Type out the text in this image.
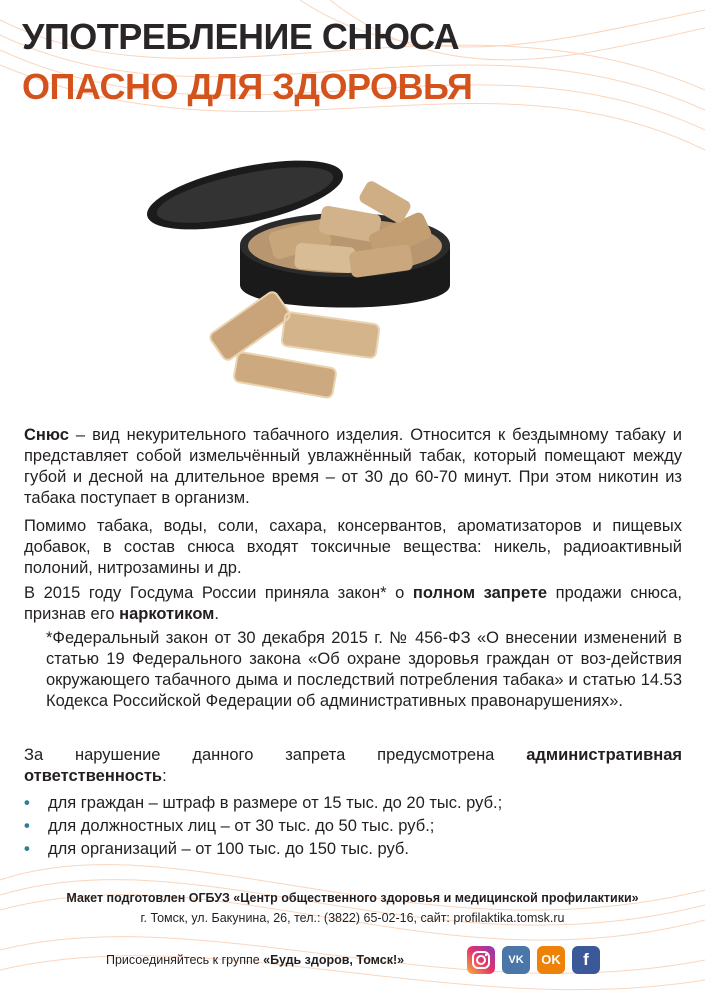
УПОТРЕБЛЕНИЕ СНЮСА
ОПАСНО ДЛЯ ЗДОРОВЬЯ

Снюс – вид некурительного табачного изделия. Относится к бездымному табаку и представляет собой измельчённый увлажнённый табак, который помещают между губой и десной на длительное время – от 30 до 60-70 минут. При этом никотин из табака поступает в организм.

Помимо табака, воды, соли, сахара, консервантов, ароматизаторов и пищевых добавок, в состав снюса входят токсичные вещества: никель, радиоактивный полоний, нитрозамины и др.

В 2015 году Госдума России приняла закон* о полном запрете продажи снюса, признав его наркотиком.

*Федеральный закон от 30 декабря 2015 г. № 456-ФЗ «О внесении изменений в статью 19 Федерального закона «Об охране здоровья граждан от воз-действия окружающего табачного дыма и последствий потребления табака» и статью 14.53 Кодекса Российской Федерации об административных правонарушениях».

За нарушение данного запрета предусмотрена административная ответственность:

• для граждан – штраф в размере от 15 тыс. до 20 тыс. руб.;
• для должностных лиц – от 30 тыс. до 50 тыс. руб.;
• для организаций – от 100 тыс. до 150 тыс. руб.
Макет подготовлен ОГБУЗ «Центр общественного здоровья и медицинской профилактики»
г. Томск, ул. Бакунина, 26, тел.: (3822) 65-02-16, сайт: profilaktika.tomsk.ru
Присоединяйтесь к группе «Будь здоров, Томск!»	VK	OK	f
